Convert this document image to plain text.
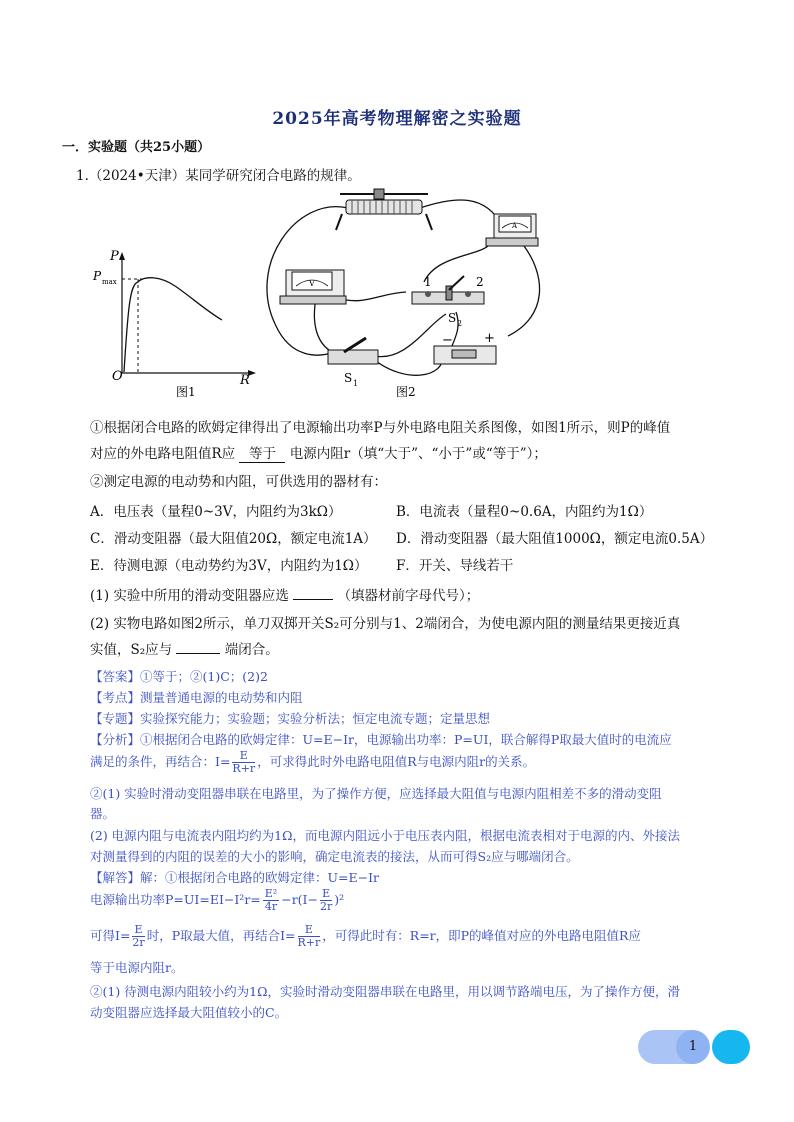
2025年高考物理解密之实验题
一．实验题（共25小题）
1.（2024•天津）某同学研究闭合电路的规律。
P
P max
O	R
图1
V
A
1	2
S 2
S 1
− +
图2
①根据闭合电路的欧姆定律得出了电源输出功率P与外电路电阻关系图像，如图1所示，则P的峰值
对应的外电路电阻值R应 等于 电源内阻r（填“大于”、“小于”或“等于”）；
②测定电源的电动势和内阻，可供选用的器材有：
A．电压表（量程0~3V，内阻约为3kΩ）	B．电流表（量程0~0.6A，内阻约为1Ω）
C．滑动变阻器（最大阻值20Ω，额定电流1A） D．滑动变阻器（最大阻值1000Ω，额定电流0.5A）
E．待测电源（电动势约为3V，内阻约为1Ω） F．开关、导线若干
(1) 实验中所用的滑动变阻器应选	（填器材前字母代号）；
(2) 实物电路如图2所示，单刀双掷开关S₂可分别与1、2端闭合，为使电源内阻的测量结果更接近真
实值，S₂应与	端闭合。
【答案】①等于；②(1)C；(2)2
【考点】测量普通电源的电动势和内阻
【专题】实验探究能力；实验题；实验分析法；恒定电流专题；定量思想
【分析】①根据闭合电路的欧姆定律：U=E−Ir，电源输出功率：P=UI，联合解得P取最大值时的电流应
满足的条件，再结合：$I= \frac{E}{R+r}$ ，可求得此时外电路电阻值R与电源内阻r的关系。
②(1) 实验时滑动变阻器串联在电路里，为了操作方便，应选择最大阻值与电源内阻相差不多的滑动变阻
器。
(2) 电源内阻与电流表内阻均约为1Ω，而电源内阻远小于电压表内阻，根据电流表相对于电源的内、外接法
对测量得到的内阻的误差的大小的影响，确定电流表的接法，从而可得S₂应与哪端闭合。
【解答】解：①根据闭合电路的欧姆定律：U=E−Ir
电源输出功率$P=UI=EI-I^2r= \frac{\text{E²}}{4r} -r(I- \frac{E}{2r} )^2$
可得$I= \frac{E}{2r}$ 时，P取最大值，再结合$I= \frac{E}{R+r}$ ，可得此时有：R=r，即P的峰值对应的外电路电阻值R应
等于电源内阻r。
②(1) 待测电源内阻较小约为1Ω，实验时滑动变阻器串联在电路里，用以调节路端电压，为了操作方便，滑
动变阻器应选择最大阻值较小的C。
1
